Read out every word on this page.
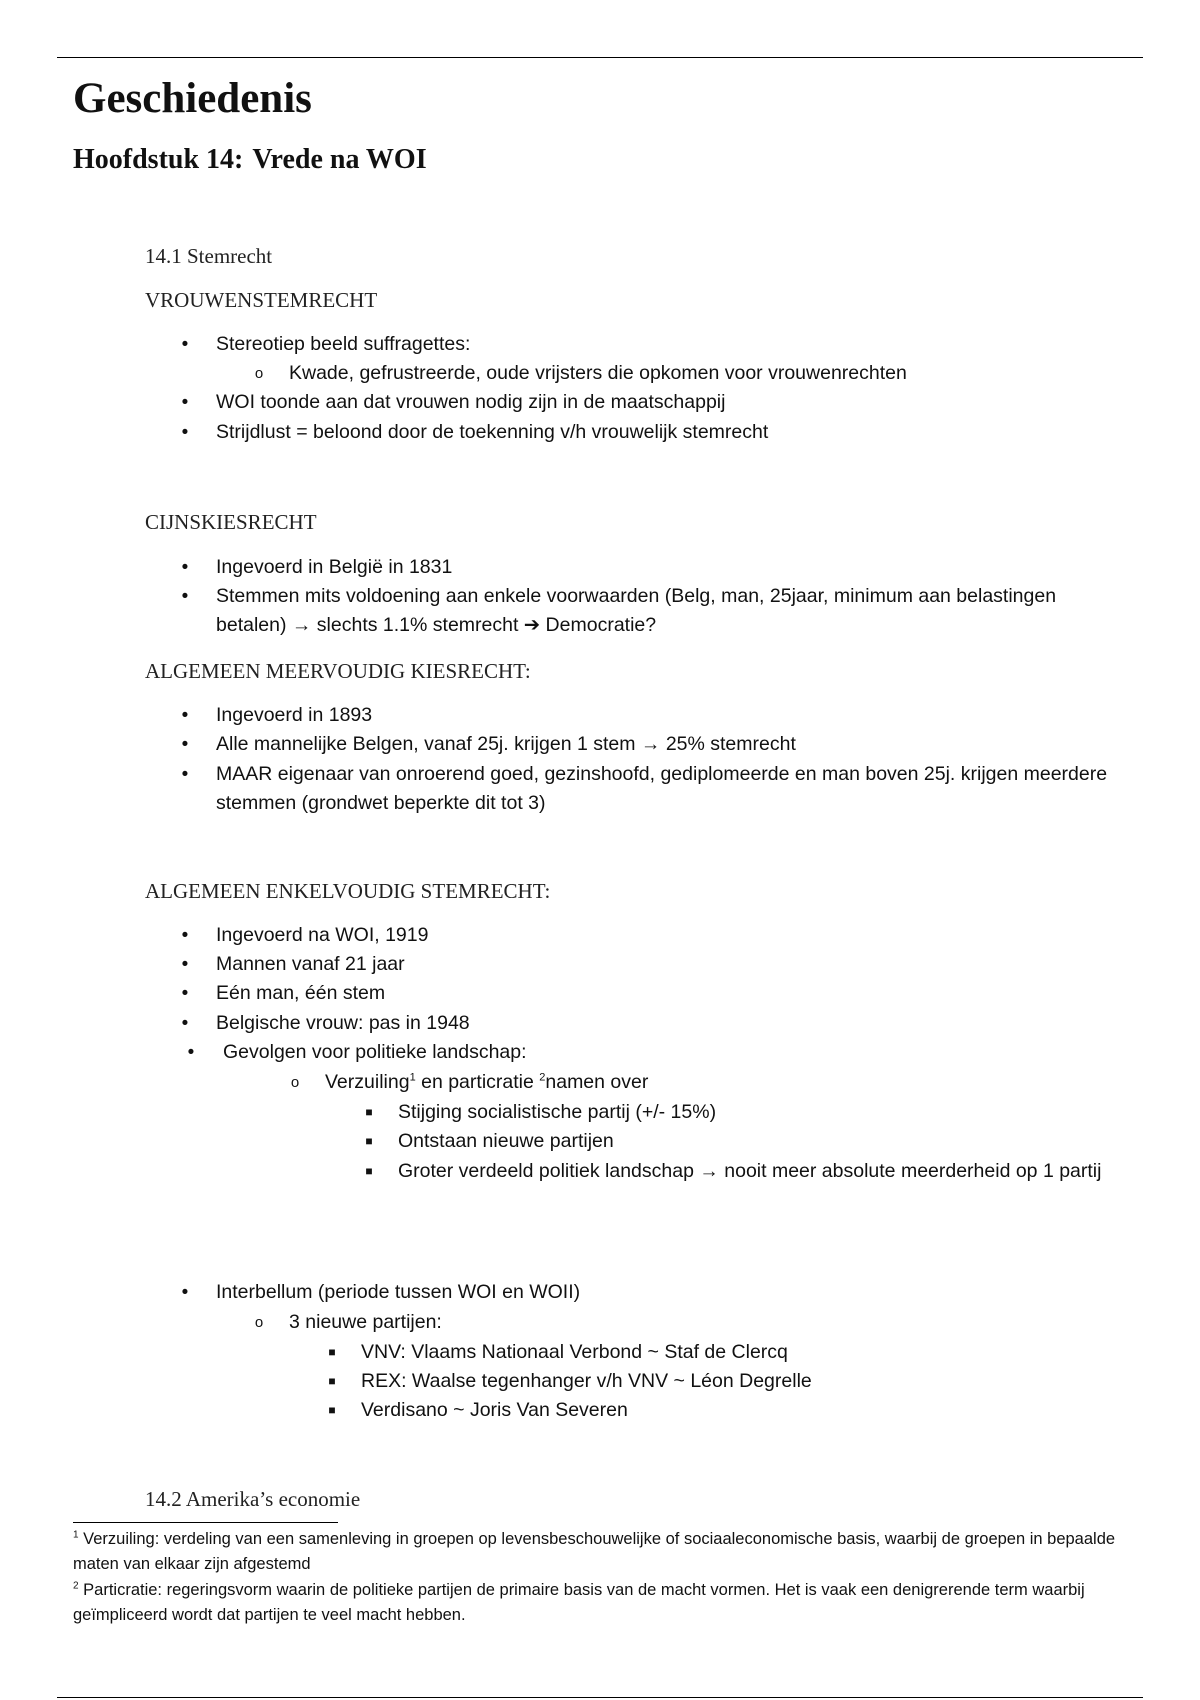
Geschiedenis
Hoofdstuk 14: Vrede na WOI
14.1 Stemrecht
VROUWENSTEMRECHT
• Stereotiep beeld suffragettes:
o Kwade, gefrustreerde, oude vrijsters die opkomen voor vrouwenrechten
• WOI toonde aan dat vrouwen nodig zijn in de maatschappij
• Strijdlust = beloond door de toekenning v/h vrouwelijk stemrecht
CIJNSKIESRECHT
• Ingevoerd in België in 1831
• Stemmen mits voldoening aan enkele voorwaarden (Belg, man, 25jaar, minimum aan belastingen betalen) → slechts 1.1% stemrecht ➔ Democratie?
ALGEMEEN MEERVOUDIG KIESRECHT:
• Ingevoerd in 1893
• Alle mannelijke Belgen, vanaf 25j. krijgen 1 stem → 25% stemrecht
• MAAR eigenaar van onroerend goed, gezinshoofd, gediplomeerde en man boven 25j. krijgen meerdere stemmen (grondwet beperkte dit tot 3)
ALGEMEEN ENKELVOUDIG STEMRECHT:
• Ingevoerd na WOI, 1919
• Mannen vanaf 21 jaar
• Eén man, één stem
• Belgische vrouw: pas in 1948
• Gevolgen voor politieke landschap:
o Verzuiling$^1$ en particratie $^2$namen over
■ Stijging socialistische partij (+/- 15%)
■ Ontstaan nieuwe partijen
■ Groter verdeeld politiek landschap → nooit meer absolute meerderheid op 1 partij
• Interbellum (periode tussen WOI en WOII)
o 3 nieuwe partijen:
■ VNV: Vlaams Nationaal Verbond ~ Staf de Clercq
■ REX: Waalse tegenhanger v/h VNV ~ Léon Degrelle
■ Verdisano ~ Joris Van Severen
14.2 Amerika’s economie
$^1$ Verzuiling: verdeling van een samenleving in groepen op levensbeschouwelijke of sociaaleconomische basis, waarbij de groepen in bepaalde maten van elkaar zijn afgestemd
$^2$ Particratie: regeringsvorm waarin de politieke partijen de primaire basis van de macht vormen. Het is vaak een denigrerende term waarbij geïmpliceerd wordt dat partijen te veel macht hebben.
